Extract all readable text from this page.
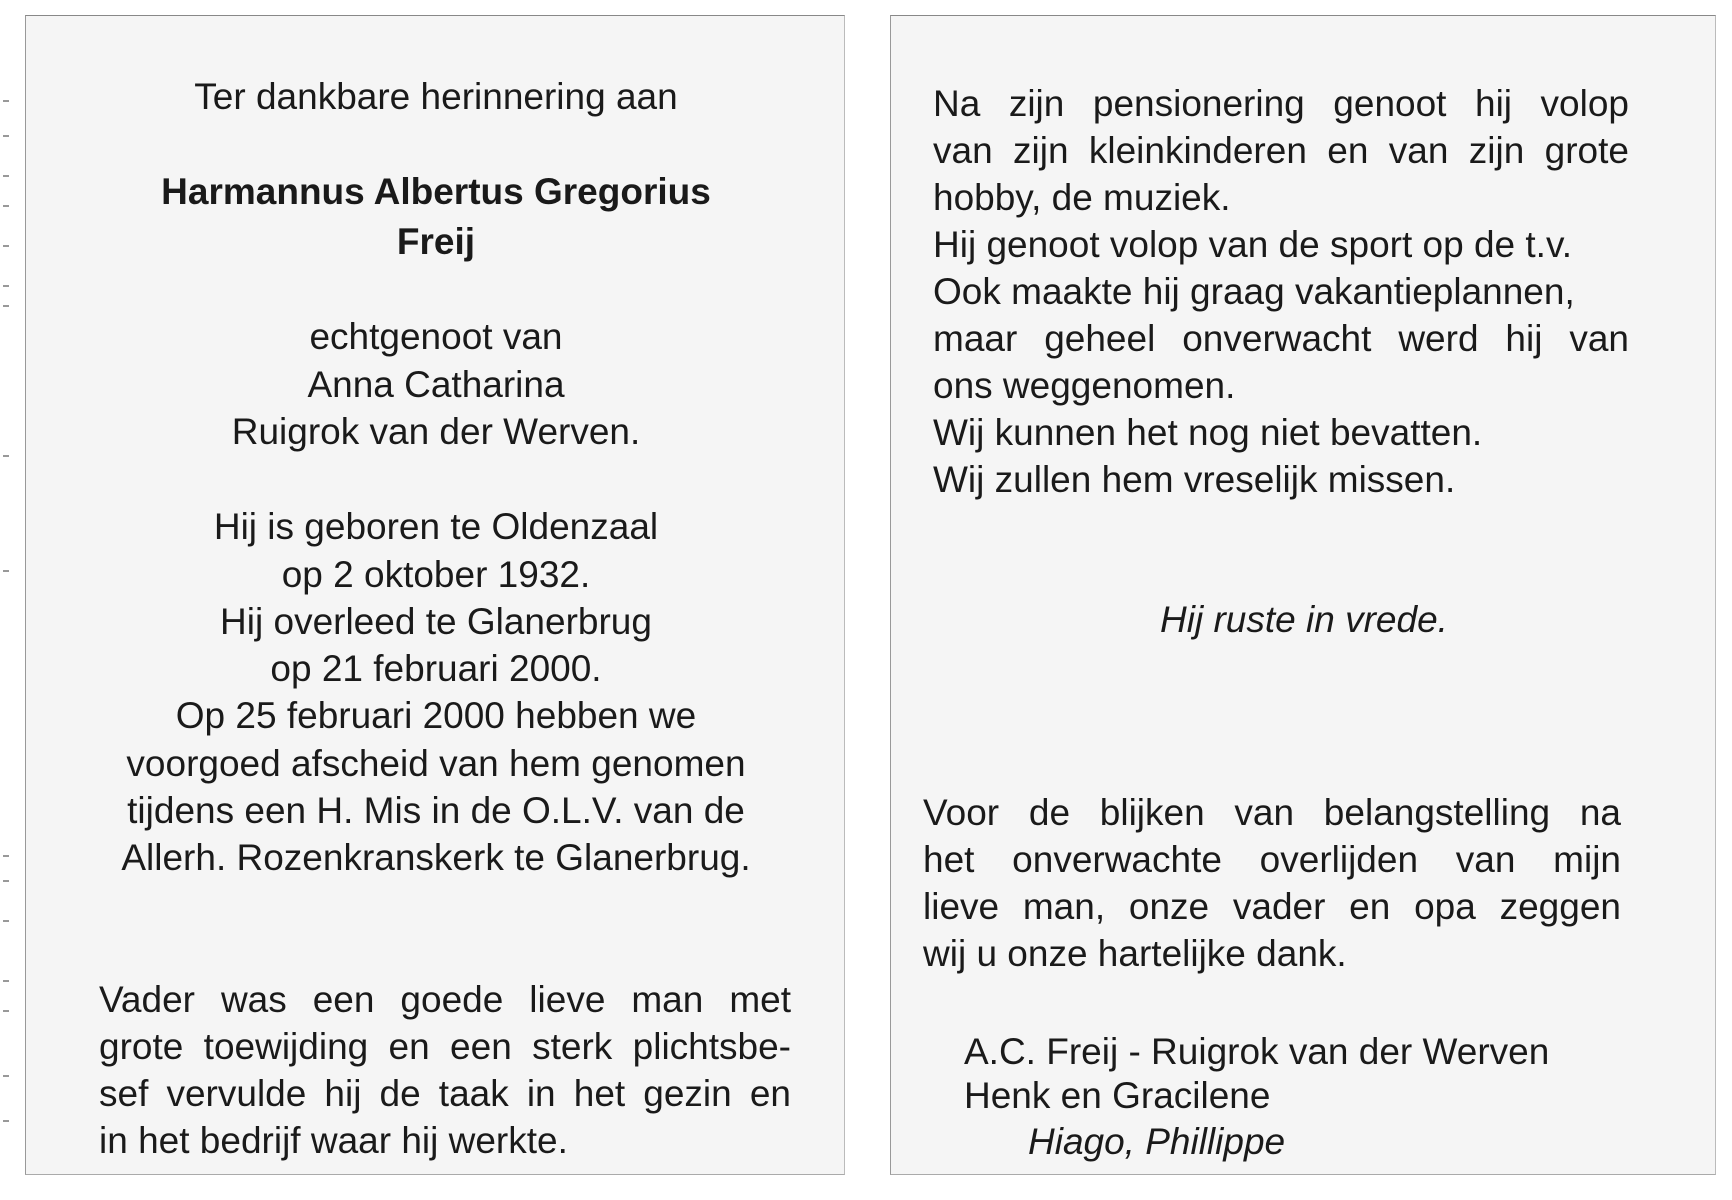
Ter dankbare herinnering aan
Harmannus Albertus Gregorius
Freij
echtgenoot van
Anna Catharina
Ruigrok van der Werven.
Hij is geboren te Oldenzaal
op 2 oktober 1932.
Hij overleed te Glanerbrug
op 21 februari 2000.
Op 25 februari 2000 hebben we
voorgoed afscheid van hem genomen
tijdens een H. Mis in de O.L.V. van de
Allerh. Rozenkranskerk te Glanerbrug.
Vader was een goede lieve man met
grote toewijding en een sterk plichtsbe-
sef vervulde hij de taak in het gezin en
in het bedrijf waar hij werkte.
Na zijn pensionering genoot hij volop
van zijn kleinkinderen en van zijn grote
hobby, de muziek.
Hij genoot volop van de sport op de t.v.
Ook maakte hij graag vakantieplannen,
maar geheel onverwacht werd hij van
ons weggenomen.
Wij kunnen het nog niet bevatten.
Wij zullen hem vreselijk missen.
Hij ruste in vrede.
Voor de blijken van belangstelling na
het onverwachte overlijden van mijn
lieve man, onze vader en opa zeggen
wij u onze hartelijke dank.
A.C. Freij - Ruigrok van der Werven
Henk en Gracilene
Hiago, Phillippe
